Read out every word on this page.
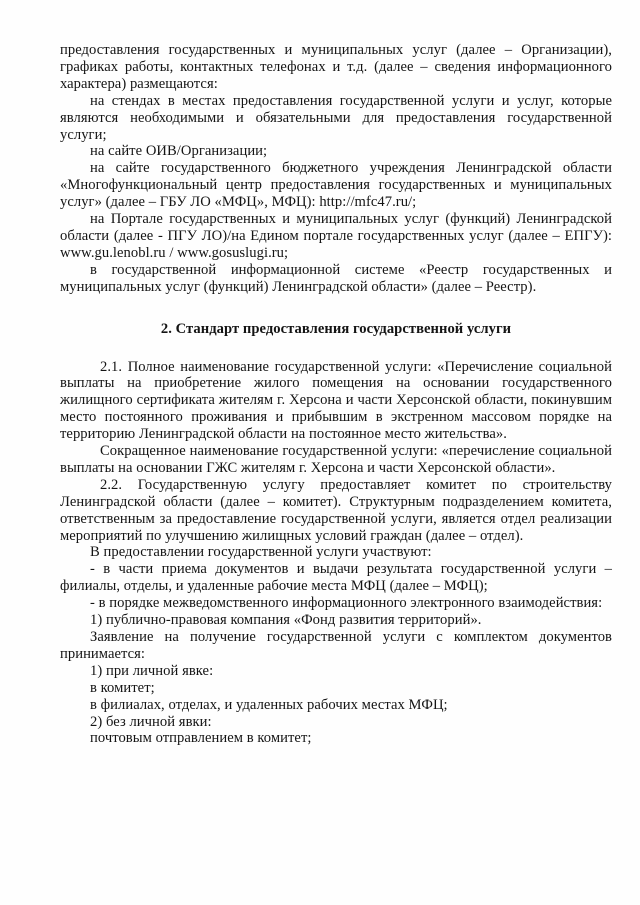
предоставления государственных и муниципальных услуг (далее – Организации), графиках работы, контактных телефонах и т.д. (далее – сведения информационного характера) размещаются:

на стендах в местах предоставления государственной услуги и услуг, которые являются необходимыми и обязательными для предоставления государственной услуги;

на сайте ОИВ/Организации;

на сайте государственного бюджетного учреждения Ленинградской области «Многофункциональный центр предоставления государственных и муниципальных услуг» (далее – ГБУ ЛО «МФЦ», МФЦ): http://mfc47.ru/;

на Портале государственных и муниципальных услуг (функций) Ленинградской области (далее - ПГУ ЛО)/на Едином портале государственных услуг (далее – ЕПГУ): www.gu.lenobl.ru / www.gosuslugi.ru;

в государственной информационной системе «Реестр государственных и муниципальных услуг (функций) Ленинградской области» (далее – Реестр).

2. Стандарт предоставления государственной услуги

2.1. Полное наименование государственной услуги: «Перечисление социальной выплаты на приобретение жилого помещения на основании государственного жилищного сертификата жителям г. Херсона и части Херсонской области, покинувшим место постоянного проживания и прибывшим в экстренном массовом порядке на территорию Ленинградской области на постоянное место жительства».

Сокращенное наименование государственной услуги: «перечисление социальной выплаты на основании ГЖС жителям г. Херсона и части Херсонской области».

2.2. Государственную услугу предоставляет комитет по строительству Ленинградской области (далее – комитет). Структурным подразделением комитета, ответственным за предоставление государственной услуги, является отдел реализации мероприятий по улучшению жилищных условий граждан (далее – отдел).

В предоставлении государственной услуги участвуют:

- в части приема документов и выдачи результата государственной услуги – филиалы, отделы, и удаленные рабочие места МФЦ (далее – МФЦ);

- в порядке межведомственного информационного электронного взаимодействия:

1) публично-правовая компания «Фонд развития территорий».

Заявление на получение государственной услуги с комплектом документов принимается:

1) при личной явке:

в комитет;

в филиалах, отделах, и удаленных рабочих местах МФЦ;

2) без личной явки:

почтовым отправлением в комитет;
